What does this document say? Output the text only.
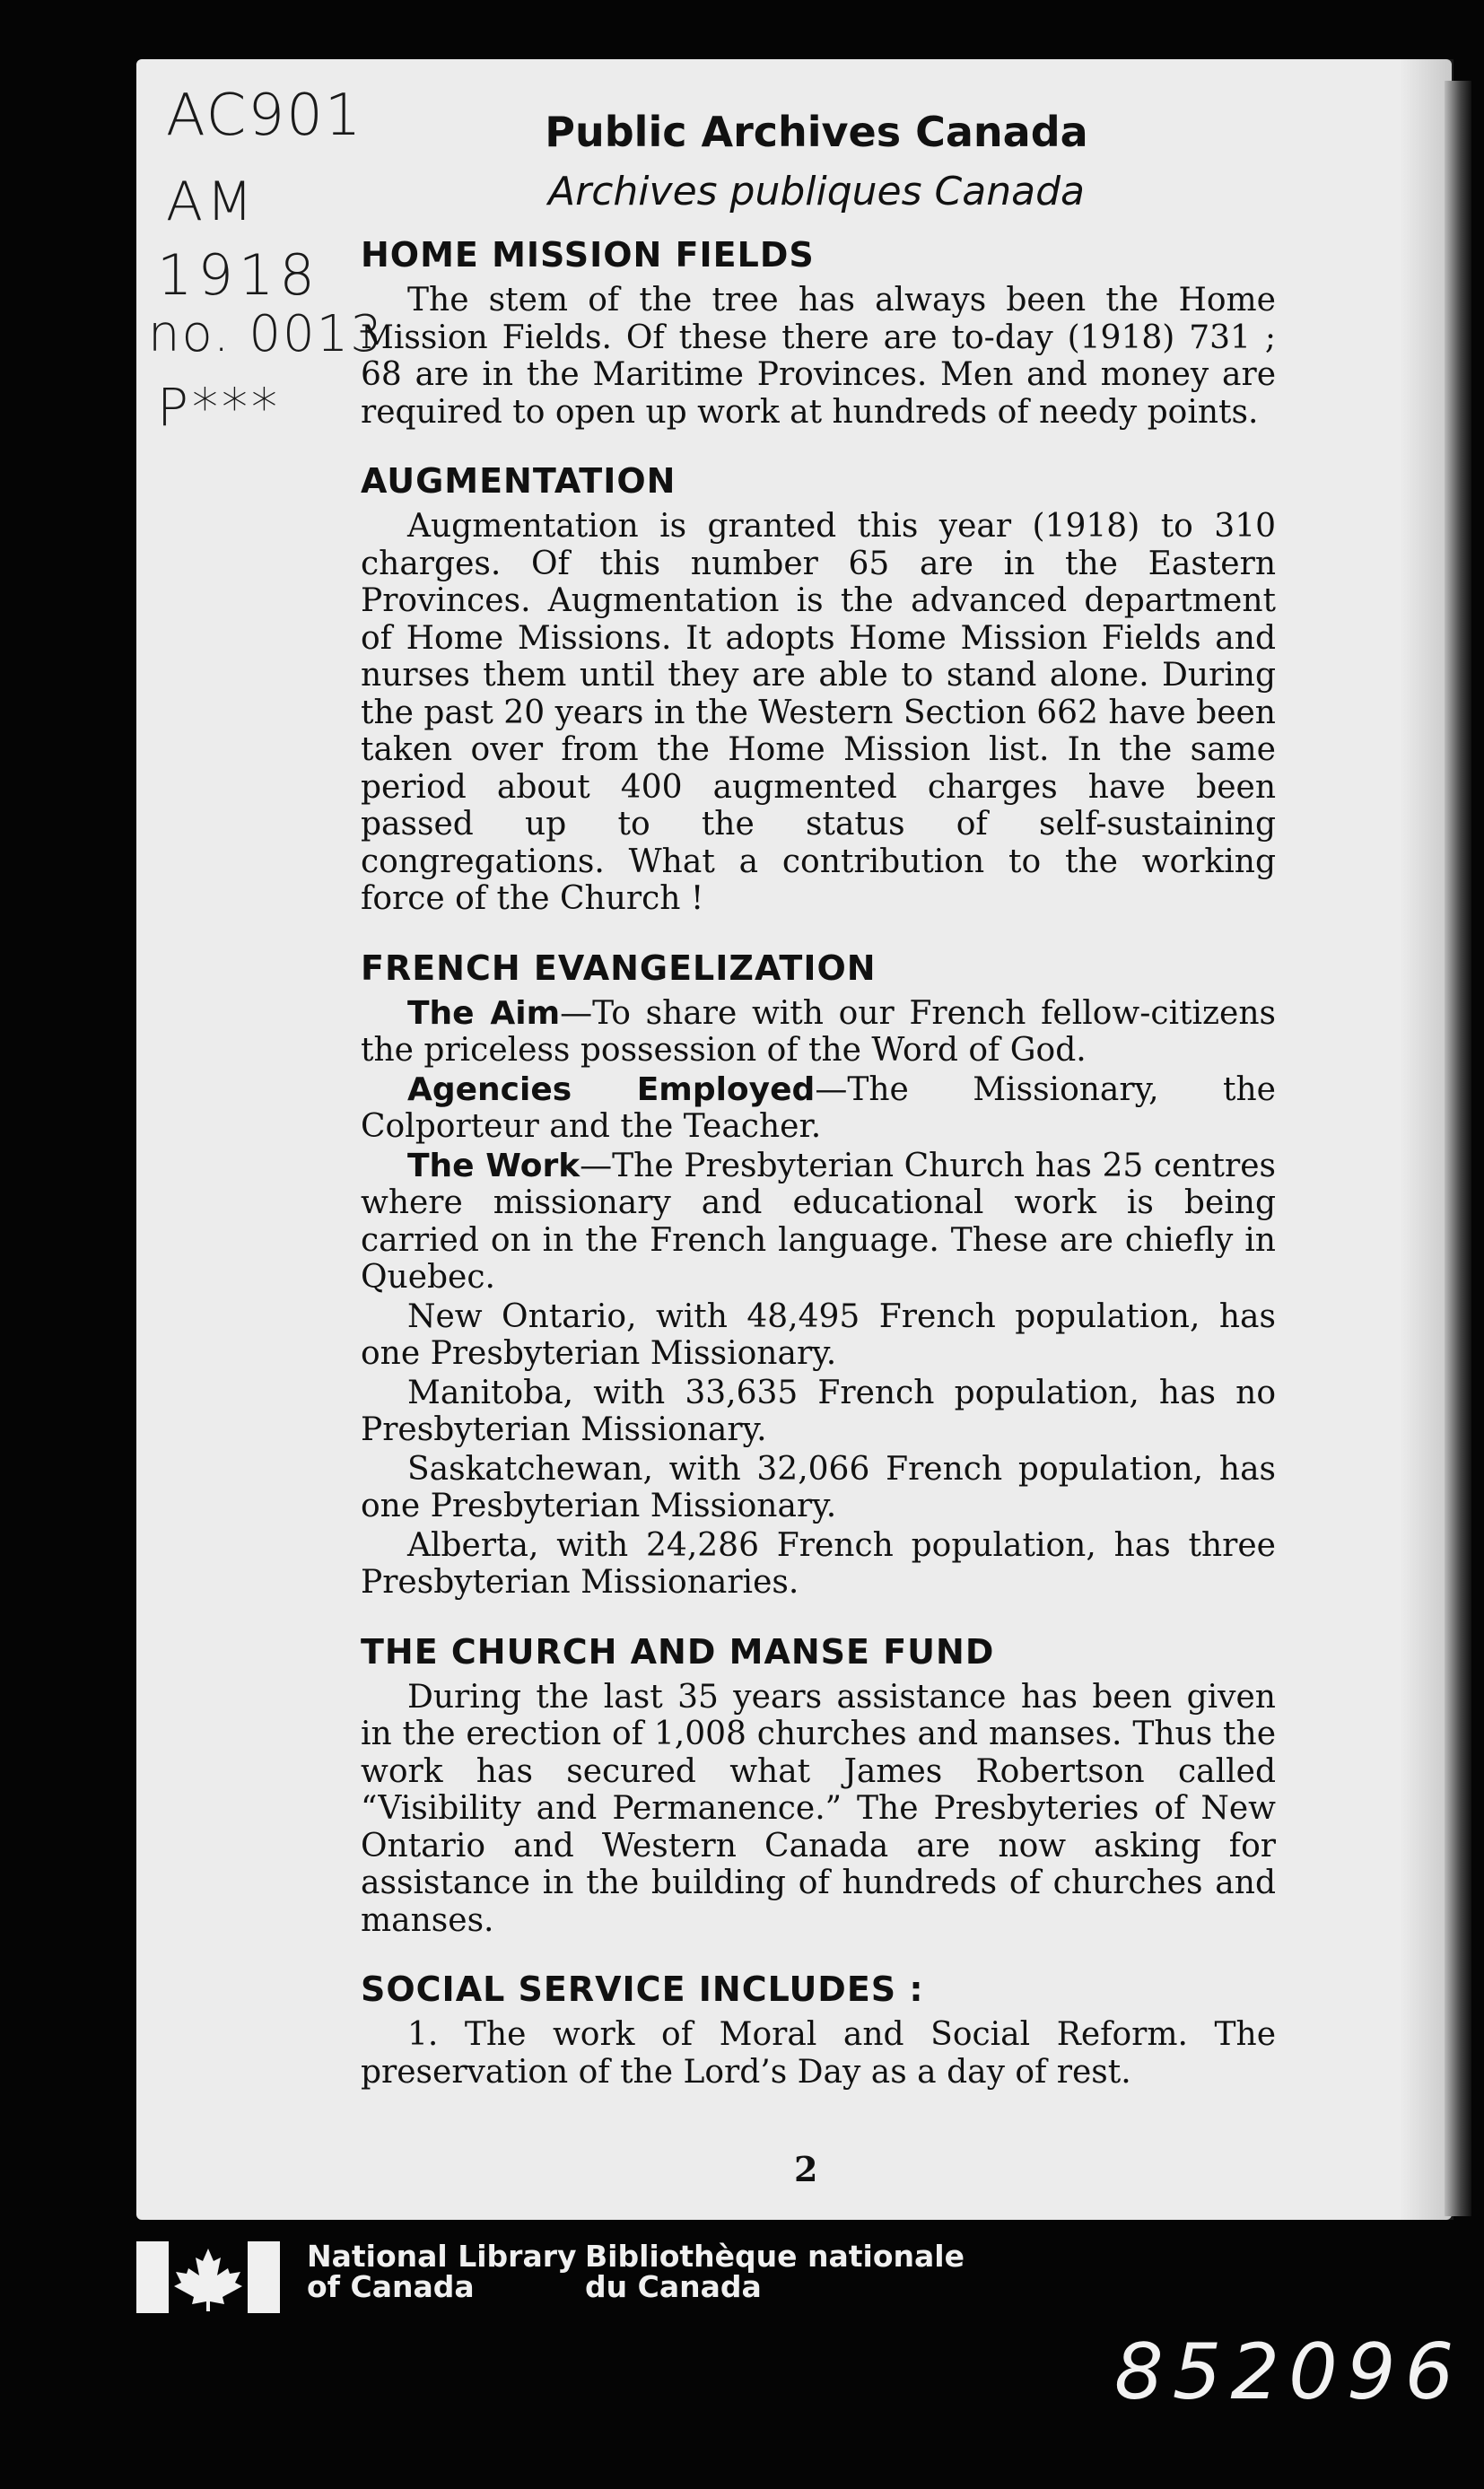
AC901
AM
1918
no. 0013
P***
Public Archives Canada
Archives publiques Canada
HOME MISSION FIELDS

The stem of the tree has always been the Home Mission Fields. Of these there are to-day (1918) 731 ; 68 are in the Maritime Provinces. Men and money are required to open up work at hundreds of needy points.

AUGMENTATION

Augmentation is granted this year (1918) to 310 charges. Of this number 65 are in the Eastern Provinces. Augmentation is the advanced department of Home Missions. It adopts Home Mission Fields and nurses them until they are able to stand alone. During the past 20 years in the Western Section 662 have been taken over from the Home Mission list. In the same period about 400 augmented charges have been passed up to the status of self-sustaining congregations. What a contribution to the working force of the Church !

FRENCH EVANGELIZATION

The Aim—To share with our French fellow-citizens the priceless possession of the Word of God.

Agencies Employed—The Missionary, the Colporteur and the Teacher.

The Work—The Presbyterian Church has 25 centres where missionary and educational work is being carried on in the French language. These are chiefly in Quebec.

New Ontario, with 48,495 French population, has one Presbyterian Missionary.

Manitoba, with 33,635 French population, has no Presbyterian Missionary.

Saskatchewan, with 32,066 French population, has one Presbyterian Missionary.

Alberta, with 24,286 French population, has three Presbyterian Missionaries.

THE CHURCH AND MANSE FUND

During the last 35 years assistance has been given in the erection of 1,008 churches and manses. Thus the work has secured what James Robertson called “Visibility and Permanence.” The Presbyteries of New Ontario and Western Canada are now asking for assistance in the building of hundreds of churches and manses.

SOCIAL SERVICE INCLUDES :

1. The work of Moral and Social Reform. The preservation of the Lord’s Day as a day of rest.

2
National Library
of Canada
Bibliothèque nationale
du Canada
852096
